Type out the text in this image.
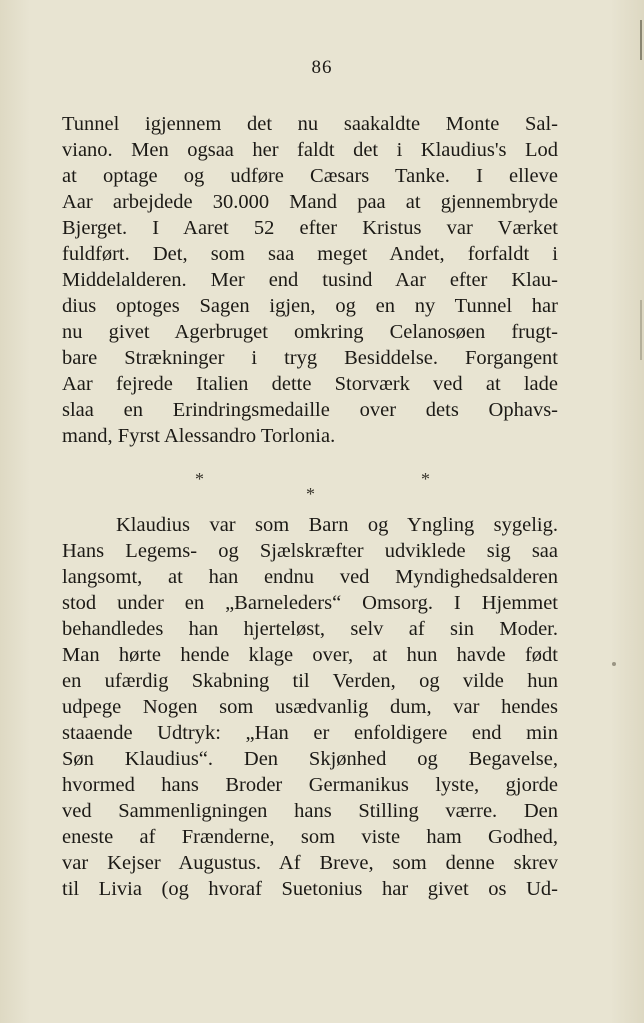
86
Tunnel igjennem det nu saakaldte Monte Sal-
viano. Men ogsaa her faldt det i Klaudius's Lod
at optage og udføre Cæsars Tanke. I elleve
Aar arbejdede 30.000 Mand paa at gjennembryde
Bjerget. I Aaret 52 efter Kristus var Værket
fuldført. Det, som saa meget Andet, forfaldt i
Middelalderen. Mer end tusind Aar efter Klau-
dius optoges Sagen igjen, og en ny Tunnel har
nu givet Agerbruget omkring Celanosøen frugt-
bare Strækninger i tryg Besiddelse. Forgangent
Aar fejrede Italien dette Storværk ved at lade
slaa en Erindringsmedaille over dets Ophavs-
mand, Fyrst Alessandro Torlonia.
*	*
*
Klaudius var som Barn og Yngling sygelig.
Hans Legems- og Sjælskræfter udviklede sig saa
langsomt, at han endnu ved Myndighedsalderen
stod under en „Barneleders“ Omsorg. I Hjemmet
behandledes han hjerteløst, selv af sin Moder.
Man hørte hende klage over, at hun havde født
en ufærdig Skabning til Verden, og vilde hun
udpege Nogen som usædvanlig dum, var hendes
staaende Udtryk: „Han er enfoldigere end min
Søn Klaudius“. Den Skjønhed og Begavelse,
hvormed hans Broder Germanikus lyste, gjorde
ved Sammenligningen hans Stilling værre. Den
eneste af Frænderne, som viste ham Godhed,
var Kejser Augustus. Af Breve, som denne skrev
til Livia (og hvoraf Suetonius har givet os Ud-
